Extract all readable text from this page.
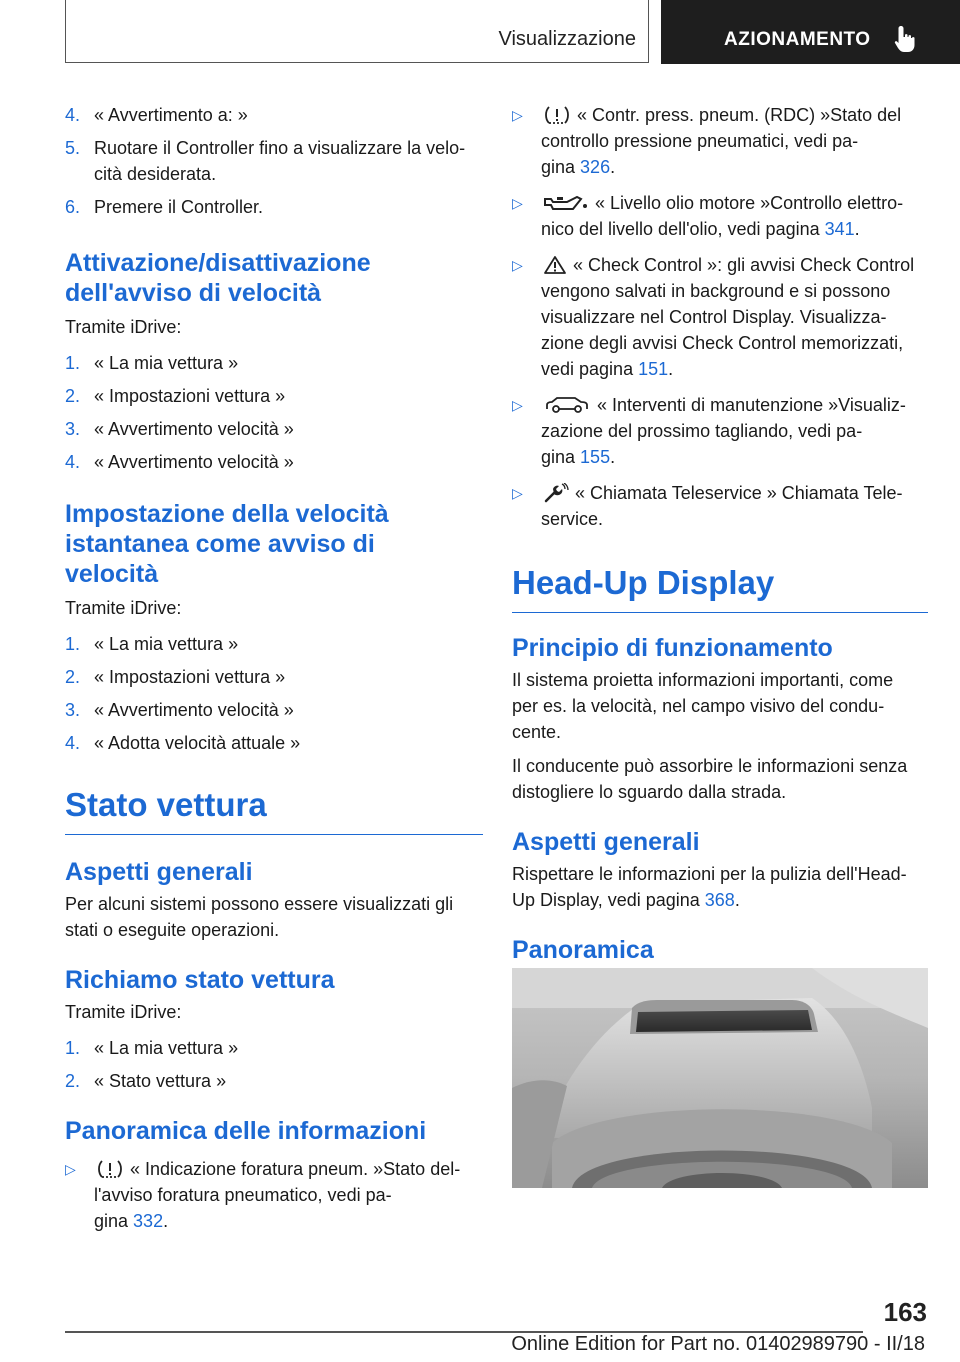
Visualizzazione	AZIONAMENTO
4. « Avvertimento a: »
5. Ruotare il Controller fino a visualizzare la velo-
cità desiderata.
6. Premere il Controller.
Attivazione/disattivazione
dell'avviso di velocità

Tramite iDrive:

1. « La mia vettura »
2. « Impostazioni vettura »
3. « Avvertimento velocità »
4. « Avvertimento velocità »
Impostazione della velocità
istantanea come avviso di
velocità

Tramite iDrive:

1. « La mia vettura »
2. « Impostazioni vettura »
3. « Avvertimento velocità »
4. « Adotta velocità attuale »
Stato vettura
Aspetti generali

Per alcuni sistemi possono essere visualizzati gli
stati o eseguite operazioni.

Richiamo stato vettura

Tramite iDrive:

1. « La mia vettura »
2. « Stato vettura »
Panoramica delle informazioni
▷	« Indicazione foratura pneum. »Stato del-
l'avviso foratura pneumatico, vedi pa-
gina 332.
▷	« Contr. press. pneum. (RDC) »Stato del
controllo pressione pneumatici, vedi pa-
gina 326.
▷	« Livello olio motore »Controllo elettro-
nico del livello dell'olio, vedi pagina 341.
▷	« Check Control »: gli avvisi Check Control
vengono salvati in background e si possono
visualizzare nel Control Display. Visualizza-
zione degli avvisi Check Control memorizzati,
vedi pagina 151.
▷	« Interventi di manutenzione »Visualiz-
zazione del prossimo tagliando, vedi pa-
gina 155.
▷	« Chiamata Teleservice » Chiamata Tele-
service.
Head-Up Display
Principio di funzionamento

Il sistema proietta informazioni importanti, come
per es. la velocità, nel campo visivo del condu-
cente.

Il conducente può assorbire le informazioni senza
distogliere lo sguardo dalla strada.

Aspetti generali

Rispettare le informazioni per la pulizia dell'Head-
Up Display, vedi pagina 368.

Panoramica
163
Online Edition for Part no. 01402989790 - II/18
